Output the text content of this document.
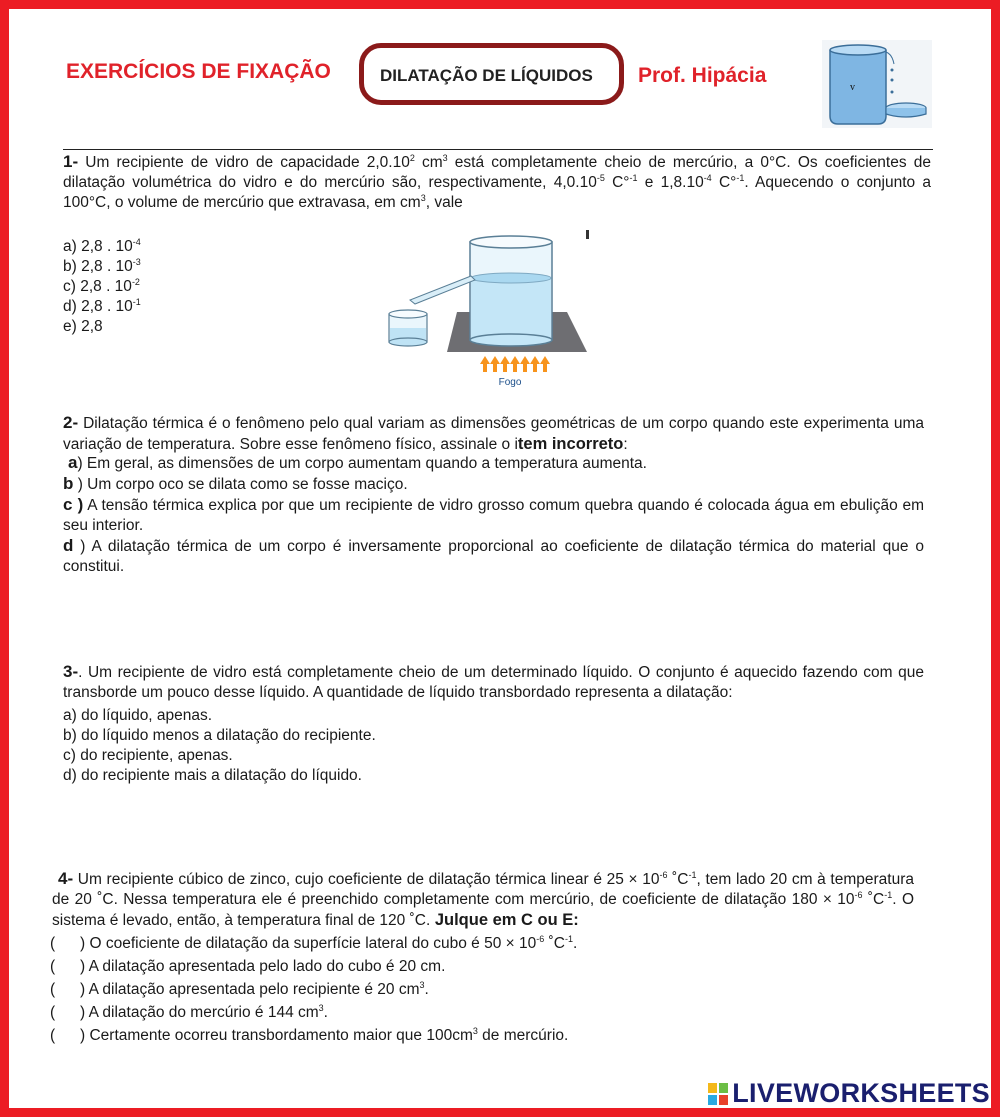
EXERCÍCIOS DE FIXAÇÃO	DILATAÇÃO DE LÍQUIDOS Prof. Hipácia
v
1- Um recipiente de vidro de capacidade 2,0.10$^2$ $cm^3$ está completamente cheio de mercúrio, a 0°C. Os coeficientes de dilatação volumétrica do vidro e do mercúrio são, respectivamente, $4,0.10^{-5}$ C°$^{-1}$ e $1,8.10^{-4}$ C°$^{-1}$. Aquecendo o conjunto a 100°C, o volume de mercúrio que extravasa, em $cm^3$, vale
a) 2,8 . $10^{-4}$
b) 2,8 . $10^{-3}$
c) 2,8 . $10^{-2}$
d) 2,8 . $10^{-1}$
e) 2,8
Fogo
2- Dilatação térmica é o fenômeno pelo qual variam as dimensões geométricas de um corpo quando este experimenta uma variação de temperatura. Sobre esse fenômeno físico, assinale o item incorreto:
a) Em geral, as dimensões de um corpo aumentam quando a temperatura aumenta.
b ) Um corpo oco se dilata como se fosse maciço.
c ) A tensão térmica explica por que um recipiente de vidro grosso comum quebra quando é colocada água em ebulição em seu interior.
d ) A dilatação térmica de um corpo é inversamente proporcional ao coeficiente de dilatação térmica do material que o constitui.
3-. Um recipiente de vidro está completamente cheio de um determinado líquido. O conjunto é aquecido fazendo com que transborde um pouco desse líquido. A quantidade de líquido transbordado representa a dilatação:
a) do líquido, apenas.
b) do líquido menos a dilatação do recipiente.
c) do recipiente, apenas.
d) do recipiente mais a dilatação do líquido.
4- Um recipiente cúbico de zinco, cujo coeficiente de dilatação térmica linear é $25 \times 10^{-6}$ $˚C^{-1}$, tem lado 20 cm à temperatura de 20 ˚C. Nessa temperatura ele é preenchido completamente com mercúrio, de coeficiente de dilatação $180 \times 10^{-6}$ $˚C^{-1}$. O sistema é levado, então, à temperatura final de 120 ˚C. Julque em C ou E:
( ) O coeficiente de dilatação da superfície lateral do cubo é $50 \times 10^{-6}$ $˚C^{-1}$.
( ) A dilatação apresentada pelo lado do cubo é 20 cm.
( ) A dilatação apresentada pelo recipiente é 20 $cm^3$.
( ) A dilatação do mercúrio é 144 $cm^3$.
( ) Certamente ocorreu transbordamento maior que $100cm^3$ de mercúrio.
LIVEWORKSHEETS
